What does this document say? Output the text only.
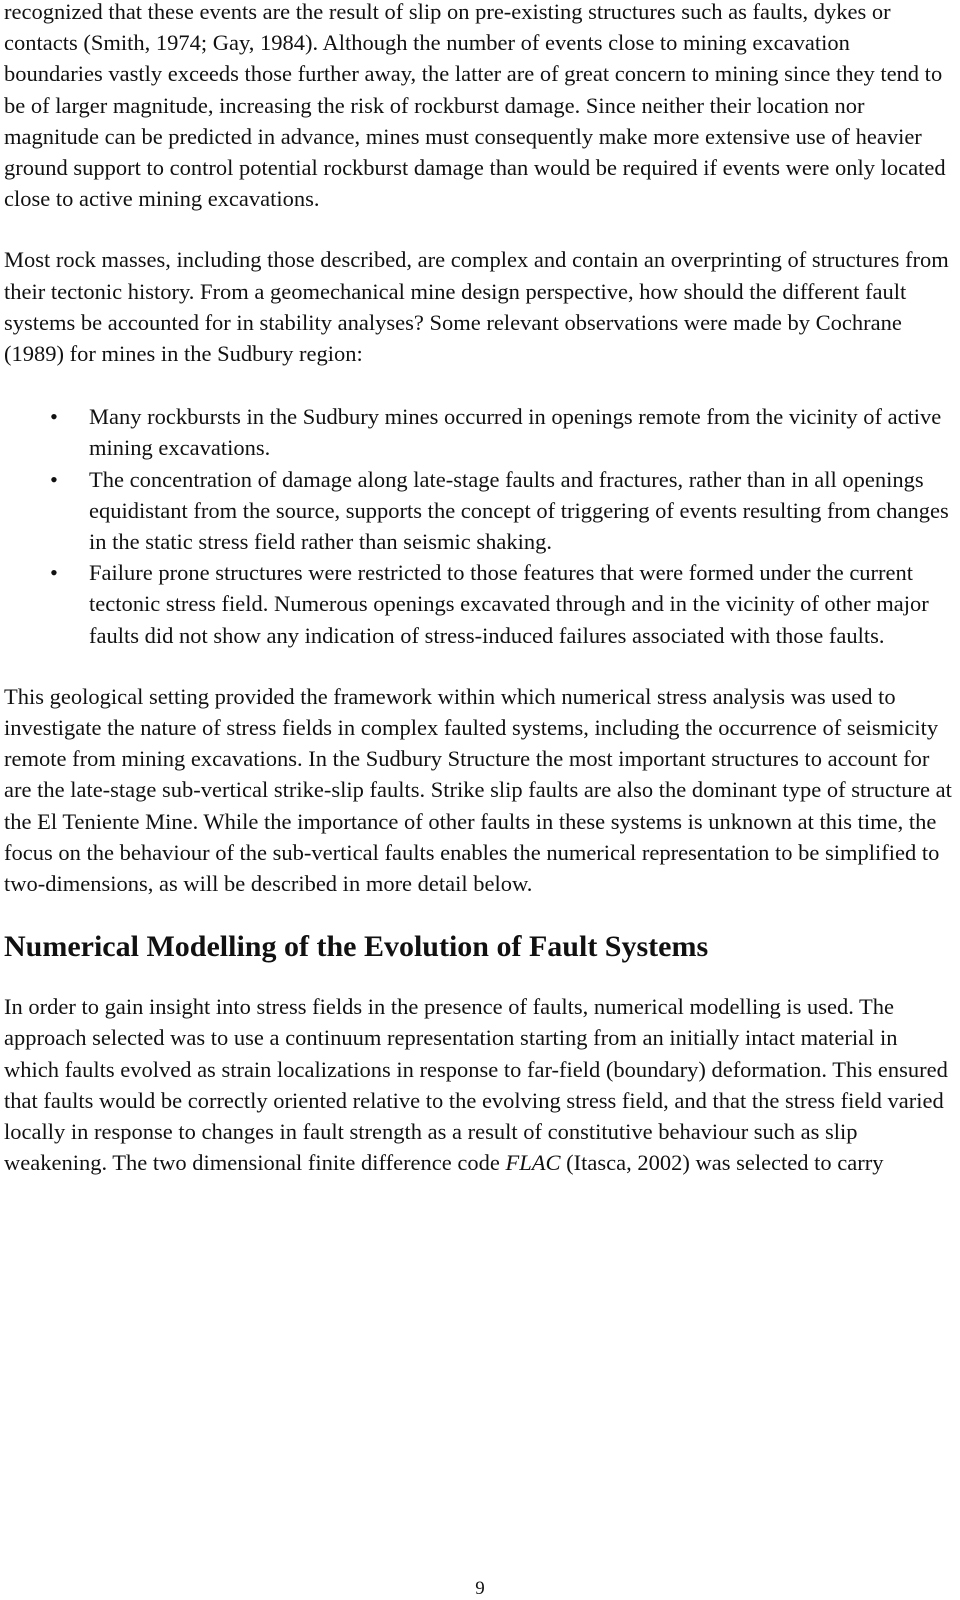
recognized that these events are the result of slip on pre-existing structures such as faults, dykes or contacts (Smith, 1974; Gay, 1984). Although the number of events close to mining excavation boundaries vastly exceeds those further away, the latter are of great concern to mining since they tend to be of larger magnitude, increasing the risk of rockburst damage. Since neither their location nor magnitude can be predicted in advance, mines must consequently make more extensive use of heavier ground support to control potential rockburst damage than would be required if events were only located close to active mining excavations.

Most rock masses, including those described, are complex and contain an overprinting of structures from their tectonic history. From a geomechanical mine design perspective, how should the different fault systems be accounted for in stability analyses? Some relevant observations were made by Cochrane (1989) for mines in the Sudbury region:

• Many rockbursts in the Sudbury mines occurred in openings remote from the vicinity of active mining excavations.
• The concentration of damage along late-stage faults and fractures, rather than in all openings equidistant from the source, supports the concept of triggering of events resulting from changes in the static stress field rather than seismic shaking.
• Failure prone structures were restricted to those features that were formed under the current tectonic stress field. Numerous openings excavated through and in the vicinity of other major faults did not show any indication of stress-induced failures associated with those faults.

This geological setting provided the framework within which numerical stress analysis was used to investigate the nature of stress fields in complex faulted systems, including the occurrence of seismicity remote from mining excavations. In the Sudbury Structure the most important structures to account for are the late-stage sub-vertical strike-slip faults. Strike slip faults are also the dominant type of structure at the El Teniente Mine. While the importance of other faults in these systems is unknown at this time, the focus on the behaviour of the sub-vertical faults enables the numerical representation to be simplified to two-dimensions, as will be described in more detail below.

Numerical Modelling of the Evolution of Fault Systems

In order to gain insight into stress fields in the presence of faults, numerical modelling is used. The approach selected was to use a continuum representation starting from an initially intact material in which faults evolved as strain localizations in response to far-field (boundary) deformation. This ensured that faults would be correctly oriented relative to the evolving stress field, and that the stress field varied locally in response to changes in fault strength as a result of constitutive behaviour such as slip weakening. The two dimensional finite difference code FLAC (Itasca, 2002) was selected to carry

9
